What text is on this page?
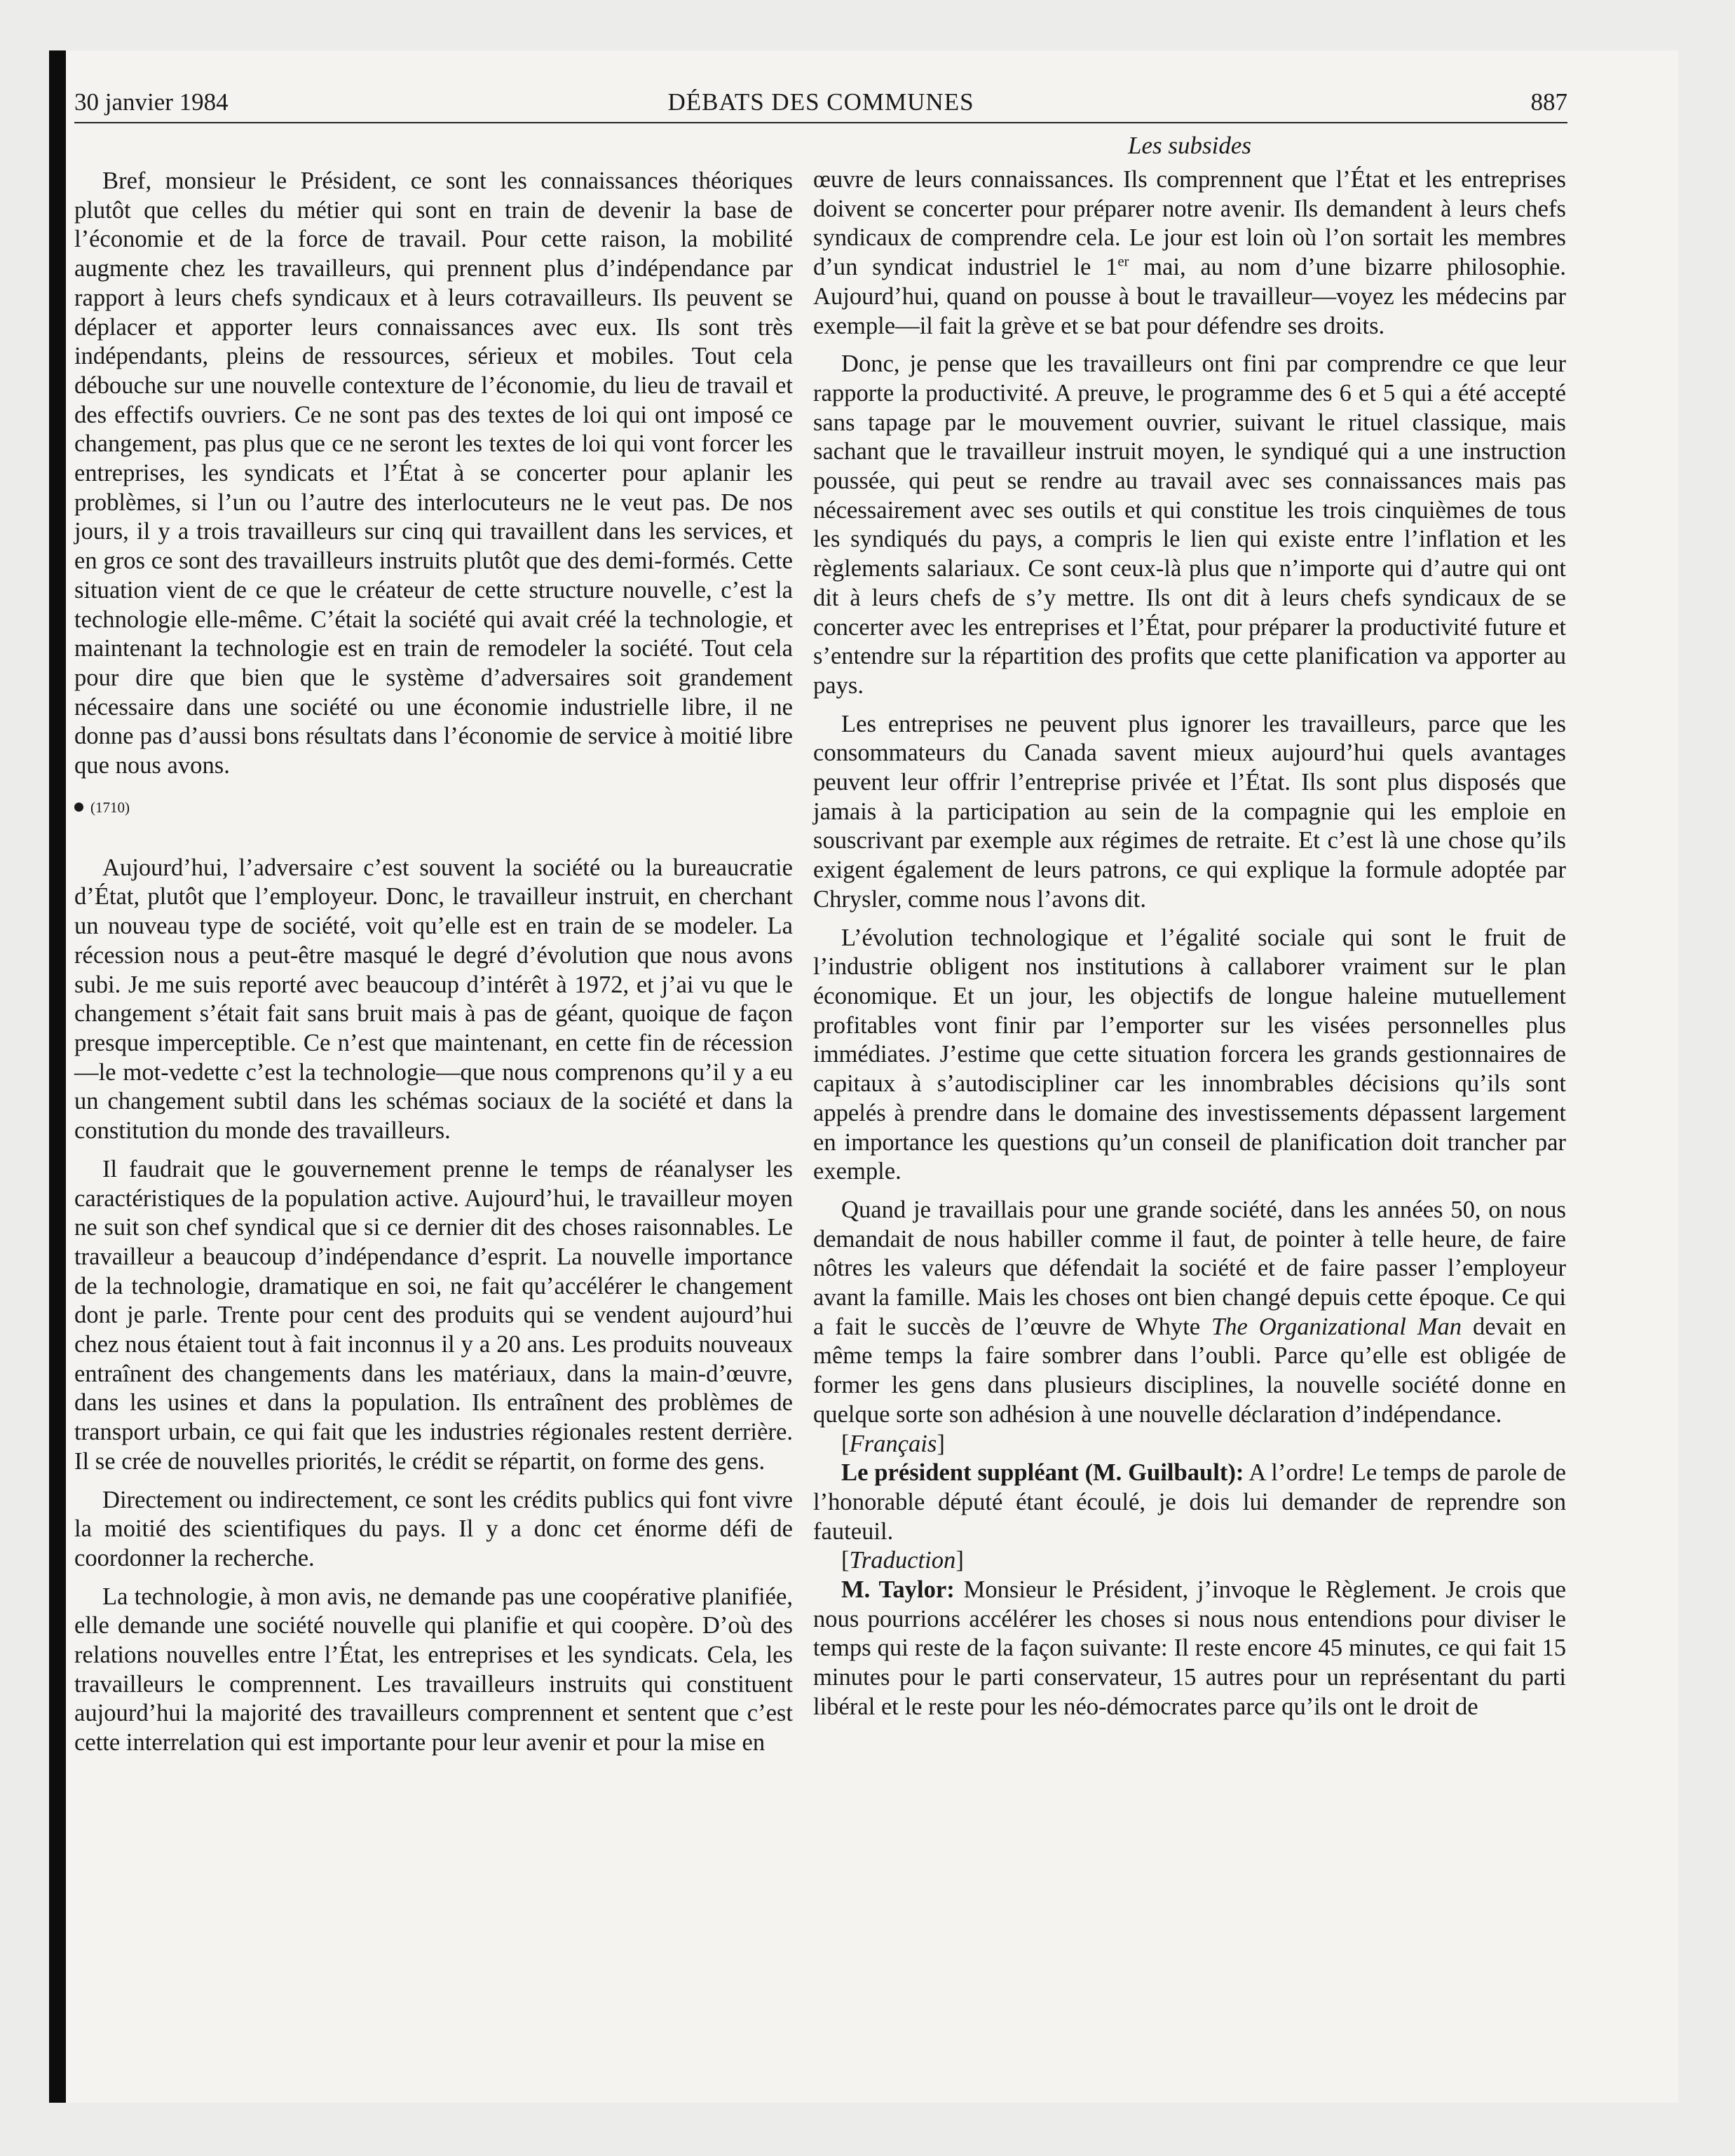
30 janvier 1984	DÉBATS DES COMMUNES	887
Les subsides

Bref, monsieur le Président, ce sont les connaissances théoriques plutôt que celles du métier qui sont en train de devenir la base de l’économie et de la force de travail. Pour cette raison, la mobilité augmente chez les travailleurs, qui prennent plus d’indépendance par rapport à leurs chefs syndicaux et à leurs cotravailleurs. Ils peuvent se déplacer et apporter leurs connaissances avec eux. Ils sont très indépendants, pleins de ressources, sérieux et mobiles. Tout cela débouche sur une nouvelle contexture de l’économie, du lieu de travail et des effectifs ouvriers. Ce ne sont pas des textes de loi qui ont imposé ce changement, pas plus que ce ne seront les textes de loi qui vont forcer les entreprises, les syndicats et l’État à se concerter pour aplanir les problèmes, si l’un ou l’autre des interlocuteurs ne le veut pas. De nos jours, il y a trois travailleurs sur cinq qui travaillent dans les services, et en gros ce sont des travailleurs instruits plutôt que des demi-formés. Cette situation vient de ce que le créateur de cette structure nouvelle, c’est la technologie elle-même. C’était la société qui avait créé la technologie, et maintenant la technologie est en train de remodeler la société. Tout cela pour dire que bien que le système d’adversaires soit grandement nécessaire dans une société ou une économie industrielle libre, il ne donne pas d’aussi bons résultats dans l’économie de service à moitié libre que nous avons.

(1710)

Aujourd’hui, l’adversaire c’est souvent la société ou la bureaucratie d’État, plutôt que l’employeur. Donc, le travailleur instruit, en cherchant un nouveau type de société, voit qu’elle est en train de se modeler. La récession nous a peut-être masqué le degré d’évolution que nous avons subi. Je me suis reporté avec beaucoup d’intérêt à 1972, et j’ai vu que le changement s’était fait sans bruit mais à pas de géant, quoique de façon presque imperceptible. Ce n’est que maintenant, en cette fin de récession—le mot-vedette c’est la technologie—que nous comprenons qu’il y a eu un changement subtil dans les schémas sociaux de la société et dans la constitution du monde des travailleurs.

Il faudrait que le gouvernement prenne le temps de réanalyser les caractéristiques de la population active. Aujourd’hui, le travailleur moyen ne suit son chef syndical que si ce dernier dit des choses raisonnables. Le travailleur a beaucoup d’indépendance d’esprit. La nouvelle importance de la technologie, dramatique en soi, ne fait qu’accélérer le changement dont je parle. Trente pour cent des produits qui se vendent aujourd’hui chez nous étaient tout à fait inconnus il y a 20 ans. Les produits nouveaux entraînent des changements dans les matériaux, dans la main-d’œuvre, dans les usines et dans la population. Ils entraînent des problèmes de transport urbain, ce qui fait que les industries régionales restent derrière. Il se crée de nouvelles priorités, le crédit se répartit, on forme des gens.

Directement ou indirectement, ce sont les crédits publics qui font vivre la moitié des scientifiques du pays. Il y a donc cet énorme défi de coordonner la recherche.

La technologie, à mon avis, ne demande pas une coopérative planifiée, elle demande une société nouvelle qui planifie et qui coopère. D’où des relations nouvelles entre l’État, les entreprises et les syndicats. Cela, les travailleurs le comprennent. Les travailleurs instruits qui constituent aujourd’hui la majorité des travailleurs comprennent et sentent que c’est cette interrelation qui est importante pour leur avenir et pour la mise en

œuvre de leurs connaissances. Ils comprennent que l’État et les entreprises doivent se concerter pour préparer notre avenir. Ils demandent à leurs chefs syndicaux de comprendre cela. Le jour est loin où l’on sortait les membres d’un syndicat industriel le 1er mai, au nom d’une bizarre philosophie. Aujourd’hui, quand on pousse à bout le travailleur—voyez les médecins par exemple—il fait la grève et se bat pour défendre ses droits.

Donc, je pense que les travailleurs ont fini par comprendre ce que leur rapporte la productivité. A preuve, le programme des 6 et 5 qui a été accepté sans tapage par le mouvement ouvrier, suivant le rituel classique, mais sachant que le travailleur instruit moyen, le syndiqué qui a une instruction poussée, qui peut se rendre au travail avec ses connaissances mais pas nécessairement avec ses outils et qui constitue les trois cinquièmes de tous les syndiqués du pays, a compris le lien qui existe entre l’inflation et les règlements salariaux. Ce sont ceux-là plus que n’importe qui d’autre qui ont dit à leurs chefs de s’y mettre. Ils ont dit à leurs chefs syndicaux de se concerter avec les entreprises et l’État, pour préparer la productivité future et s’entendre sur la répartition des profits que cette planification va apporter au pays.

Les entreprises ne peuvent plus ignorer les travailleurs, parce que les consommateurs du Canada savent mieux aujourd’hui quels avantages peuvent leur offrir l’entreprise privée et l’État. Ils sont plus disposés que jamais à la participation au sein de la compagnie qui les emploie en souscrivant par exemple aux régimes de retraite. Et c’est là une chose qu’ils exigent également de leurs patrons, ce qui explique la formule adoptée par Chrysler, comme nous l’avons dit.

L’évolution technologique et l’égalité sociale qui sont le fruit de l’industrie obligent nos institutions à callaborer vraiment sur le plan économique. Et un jour, les objectifs de longue haleine mutuellement profitables vont finir par l’emporter sur les visées personnelles plus immédiates. J’estime que cette situation forcera les grands gestionnaires de capitaux à s’autodiscipliner car les innombrables décisions qu’ils sont appelés à prendre dans le domaine des investissements dépassent largement en importance les questions qu’un conseil de planification doit trancher par exemple.

Quand je travaillais pour une grande société, dans les années 50, on nous demandait de nous habiller comme il faut, de pointer à telle heure, de faire nôtres les valeurs que défendait la société et de faire passer l’employeur avant la famille. Mais les choses ont bien changé depuis cette époque. Ce qui a fait le succès de l’œuvre de Whyte The Organizational Man devait en même temps la faire sombrer dans l’oubli. Parce qu’elle est obligée de former les gens dans plusieurs disciplines, la nouvelle société donne en quelque sorte son adhésion à une nouvelle déclaration d’indépendance.

[Français]

Le président suppléant (M. Guilbault): A l’ordre! Le temps de parole de l’honorable député étant écoulé, je dois lui demander de reprendre son fauteuil.

[Traduction]

M. Taylor: Monsieur le Président, j’invoque le Règlement. Je crois que nous pourrions accélérer les choses si nous nous entendions pour diviser le temps qui reste de la façon suivante: Il reste encore 45 minutes, ce qui fait 15 minutes pour le parti conservateur, 15 autres pour un représentant du parti libéral et le reste pour les néo-démocrates parce qu’ils ont le droit de
